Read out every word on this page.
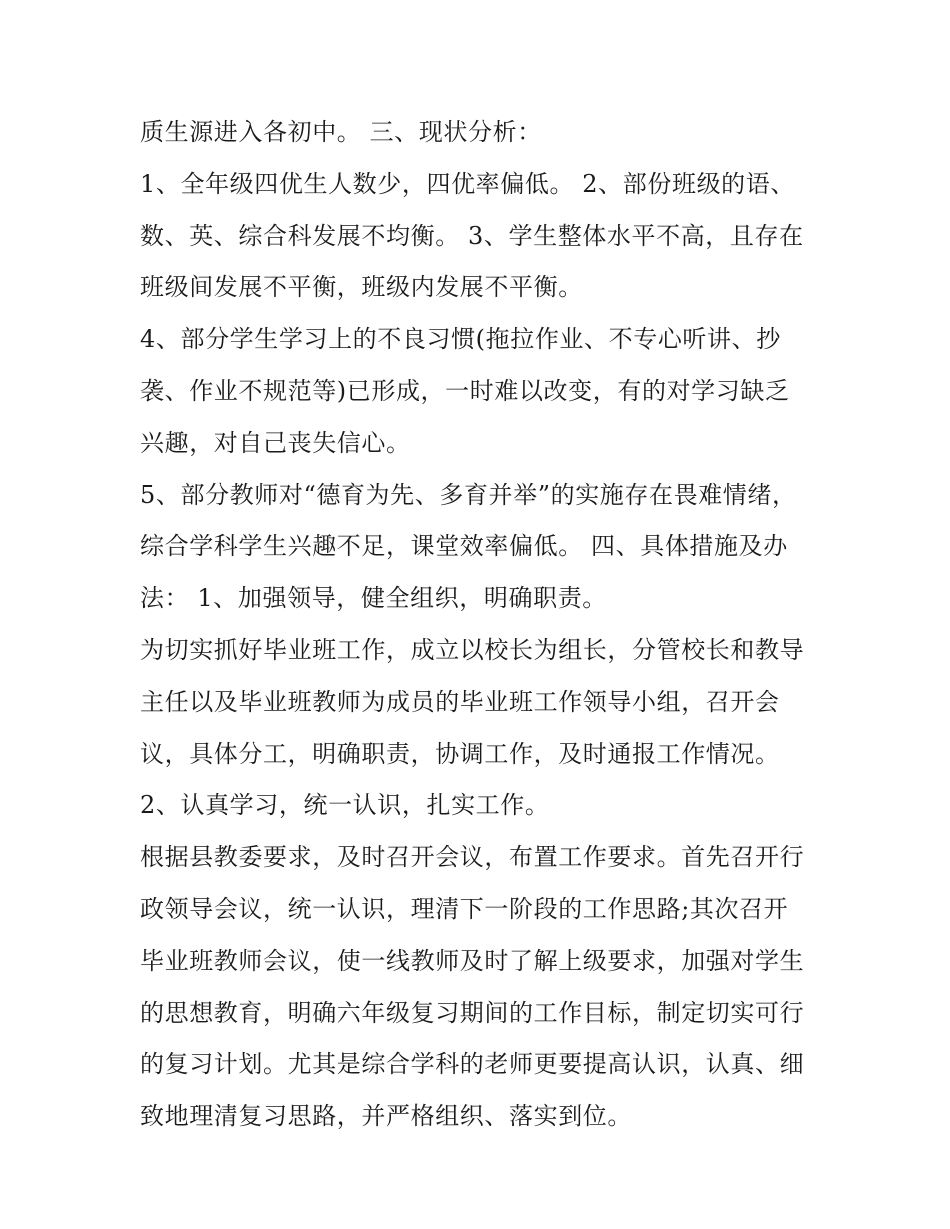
质生源进入各初中。 三、现状分析：
1、全年级四优生人数少，四优率偏低。 2、部份班级的语、
数、英、综合科发展不均衡。 3、学生整体水平不高，且存在
班级间发展不平衡，班级内发展不平衡。
4、部分学生学习上的不良习惯(拖拉作业、不专心听讲、抄
袭、作业不规范等)已形成，一时难以改变，有的对学习缺乏
兴趣，对自己丧失信心。
5、部分教师对“德育为先、多育并举”的实施存在畏难情绪，
综合学科学生兴趣不足，课堂效率偏低。 四、具体措施及办
法： 1、加强领导，健全组织，明确职责。
为切实抓好毕业班工作，成立以校长为组长，分管校长和教导
主任以及毕业班教师为成员的毕业班工作领导小组，召开会
议，具体分工，明确职责，协调工作，及时通报工作情况。
2、认真学习，统一认识，扎实工作。
根据县教委要求，及时召开会议，布置工作要求。首先召开行
政领导会议，统一认识，理清下一阶段的工作思路;其次召开
毕业班教师会议，使一线教师及时了解上级要求，加强对学生
的思想教育，明确六年级复习期间的工作目标，制定切实可行
的复习计划。尤其是综合学科的老师更要提高认识，认真、细
致地理清复习思路，并严格组织、落实到位。
